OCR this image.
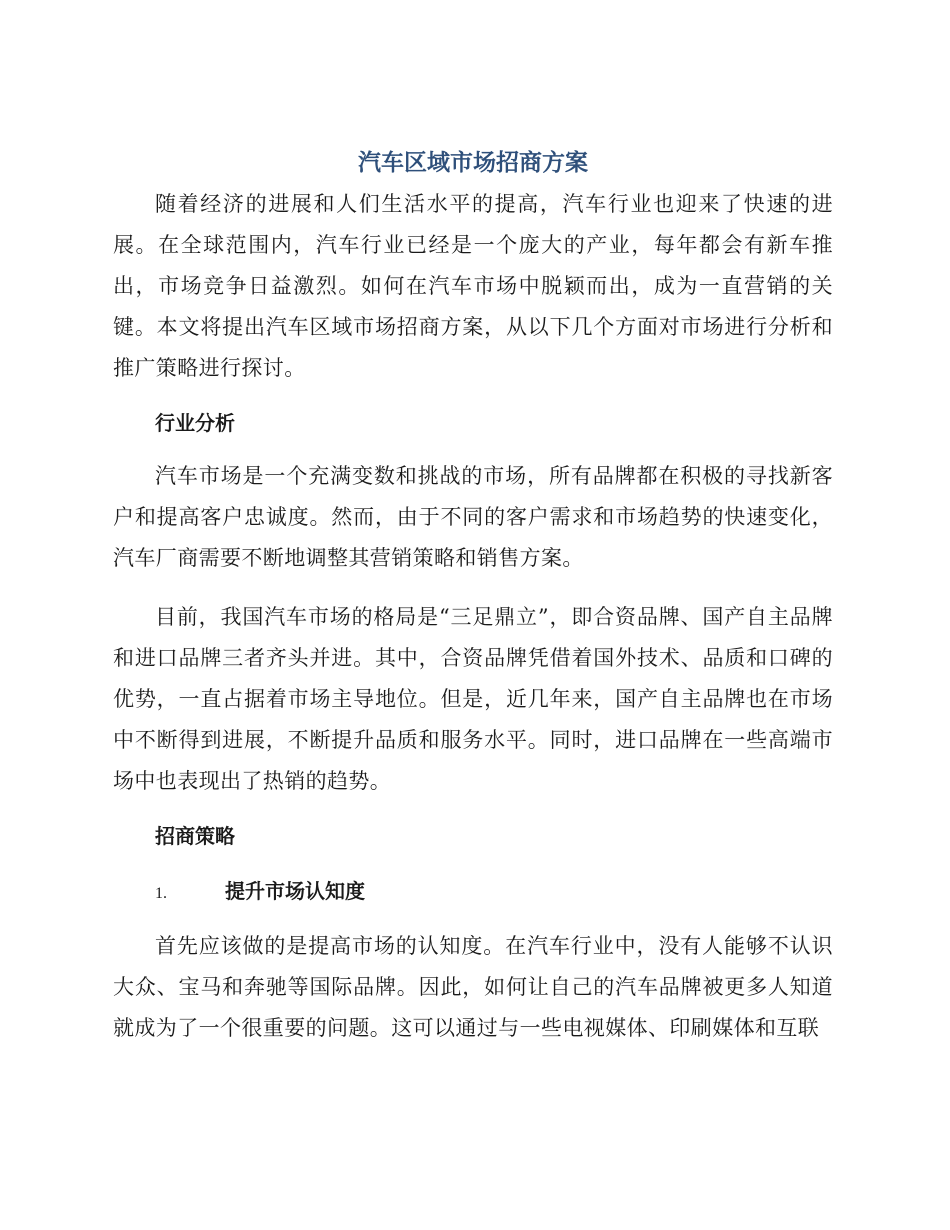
汽车区域市场招商方案

随着经济的进展和人们生活水平的提高，汽车行业也迎来了快速的进展。在全球范围内，汽车行业已经是一个庞大的产业，每年都会有新车推出，市场竞争日益激烈。如何在汽车市场中脱颖而出，成为一直营销的关键。本文将提出汽车区域市场招商方案，从以下几个方面对市场进行分析和推广策略进行探讨。

行业分析

汽车市场是一个充满变数和挑战的市场，所有品牌都在积极的寻找新客户和提高客户忠诚度。然而，由于不同的客户需求和市场趋势的快速变化，汽车厂商需要不断地调整其营销策略和销售方案。

目前，我国汽车市场的格局是“三足鼎立”，即合资品牌、国产自主品牌和进口品牌三者齐头并进。其中，合资品牌凭借着国外技术、品质和口碑的优势，一直占据着市场主导地位。但是，近几年来，国产自主品牌也在市场中不断得到进展，不断提升品质和服务水平。同时，进口品牌在一些高端市场中也表现出了热销的趋势。

招商策略
1.	提升市场认知度

首先应该做的是提高市场的认知度。在汽车行业中，没有人能够不认识大众、宝马和奔驰等国际品牌。因此，如何让自己的汽车品牌被更多人知道就成为了一个很重要的问题。这可以通过与一些电视媒体、印刷媒体和互联
